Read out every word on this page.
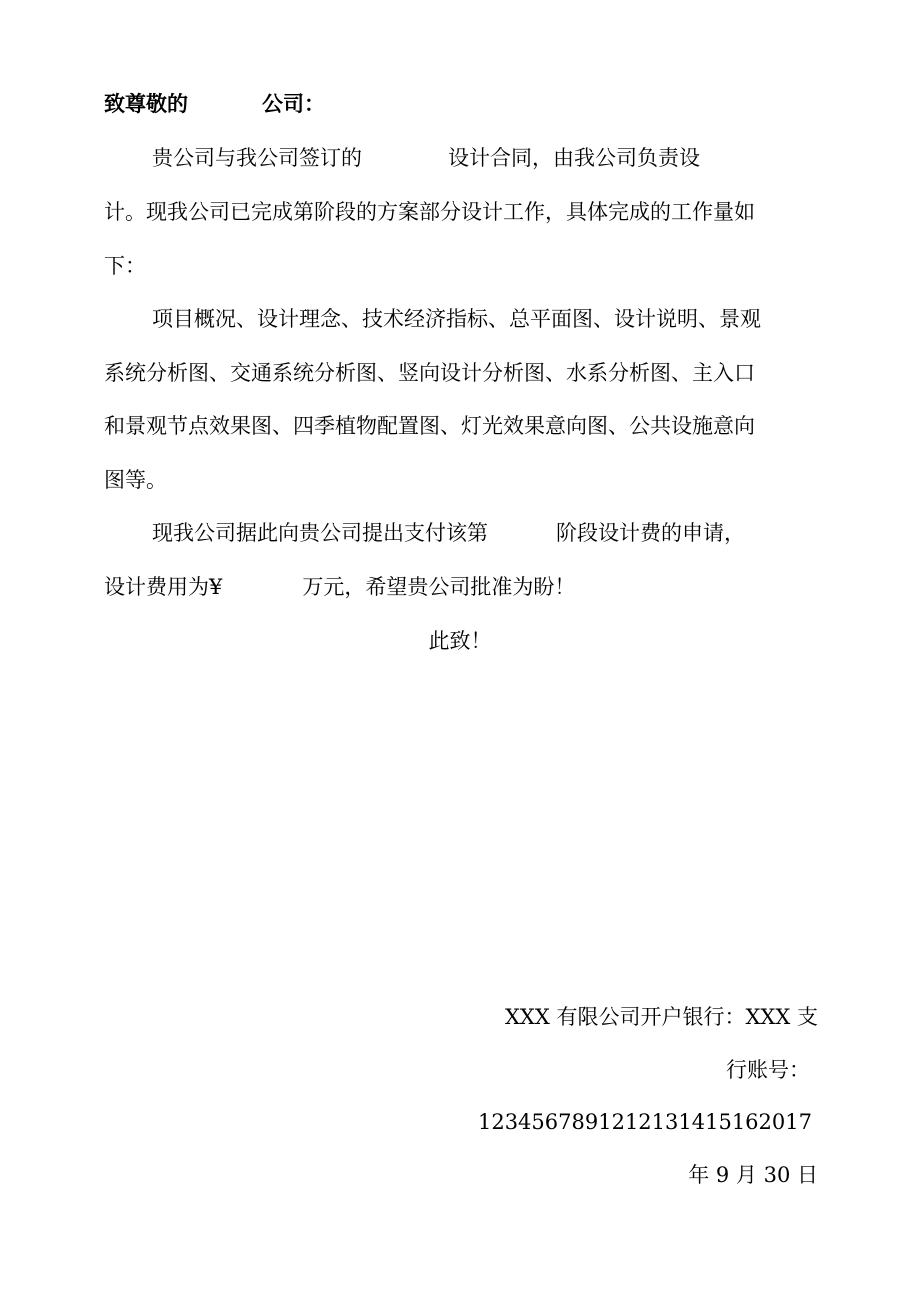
致尊敬的	公司：
贵公司与我公司签订的	设计合同，由我公司负责设
计。现我公司已完成第阶段的方案部分设计工作，具体完成的工作量如
下：
项目概况、设计理念、技术经济指标、总平面图、设计说明、景观
系统分析图、交通系统分析图、竖向设计分析图、水系分析图、主入口
和景观节点效果图、四季植物配置图、灯光效果意向图、公共设施意向
图等。
现我公司据此向贵公司提出支付该第	阶段设计费的申请，
设计费用为¥	万元，希望贵公司批准为盼！
此致！
XXX 有限公司开户银行：XXX 支
行账号：
12345678912121314151620​17
年 9 月 30 日
